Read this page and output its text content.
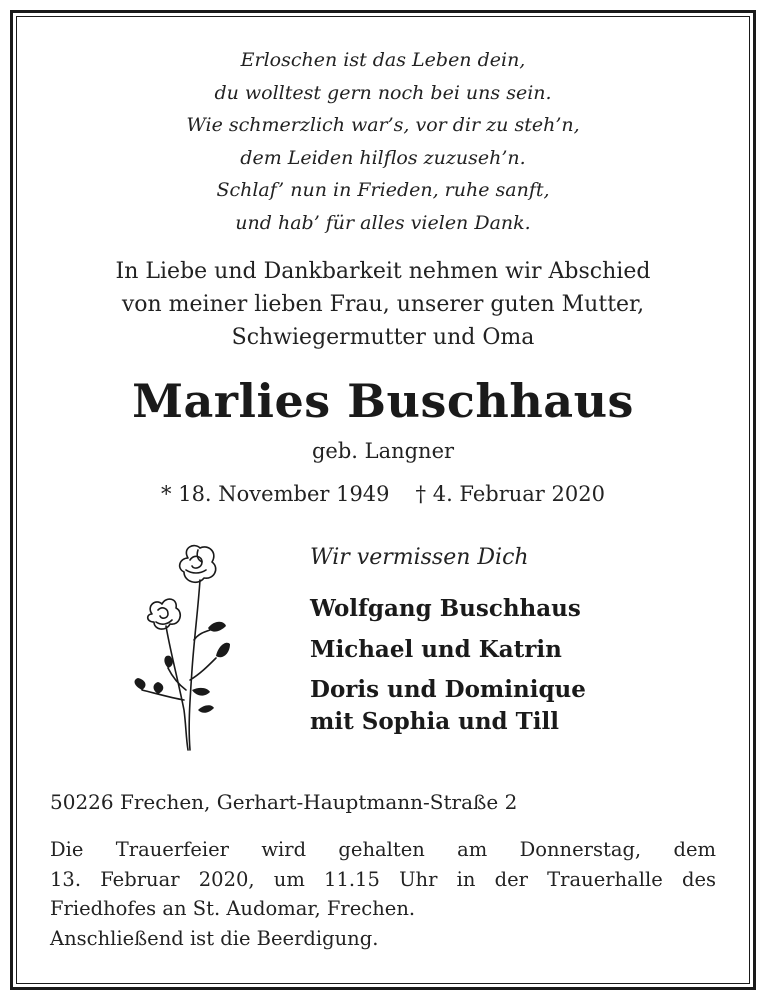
Erloschen ist das Leben dein,
du wolltest gern noch bei uns sein.
Wie schmerzlich war’s, vor dir zu steh’n,
dem Leiden hilflos zuzuseh’n.
Schlaf’ nun in Frieden, ruhe sanft,
und hab’ für alles vielen Dank.
In Liebe und Dankbarkeit nehmen wir Abschied
von meiner lieben Frau, unserer guten Mutter,
Schwiegermutter und Oma
Marlies Buschhaus
geb. Langner
* 18. November 1949 † 4. Februar 2020
Wir vermissen Dich
Wolfgang Buschhaus
Michael und Katrin
Doris und Dominique
mit Sophia und Till
50226 Frechen, Gerhart-Hauptmann-Straße 2
Die Trauerfeier wird gehalten am Donnerstag, dem
13. Februar 2020, um 11.15 Uhr in der Trauerhalle des
Friedhofes an St. Audomar, Frechen.
Anschließend ist die Beerdigung.
